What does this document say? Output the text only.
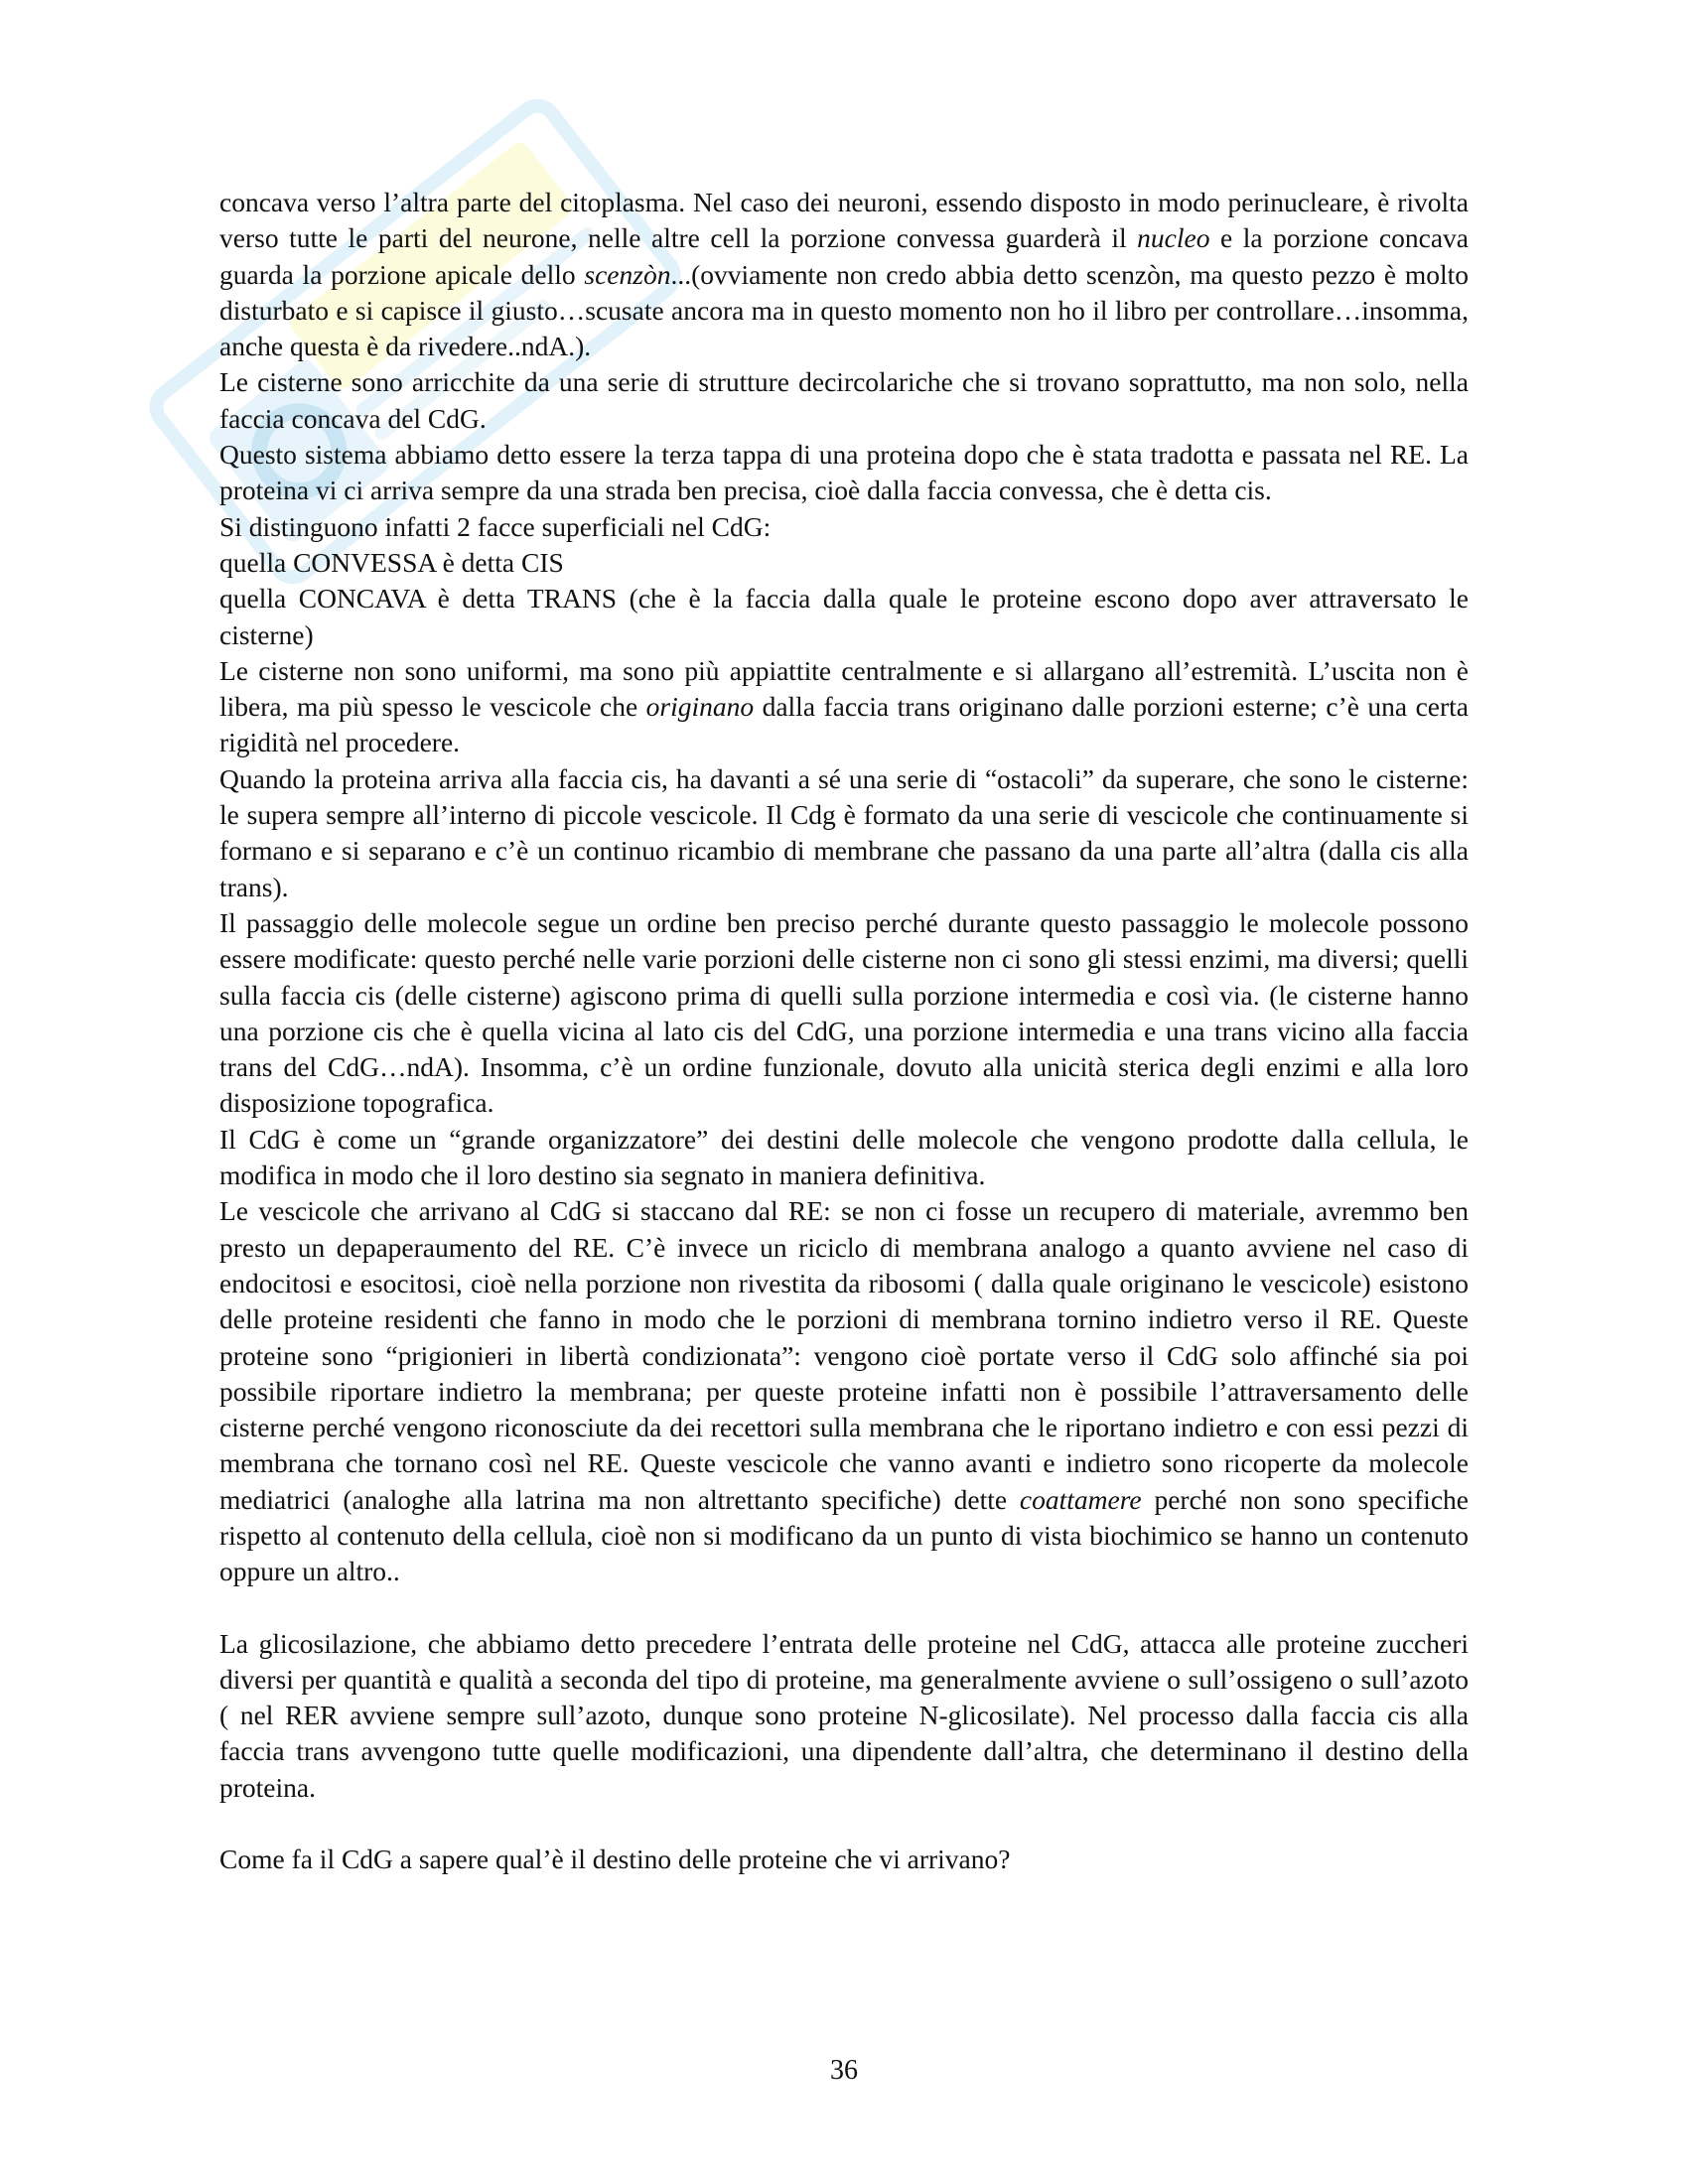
concava verso l’altra parte del citoplasma. Nel caso dei neuroni, essendo disposto in modo perinucleare, è rivolta verso tutte le parti del neurone, nelle altre cell la porzione convessa guarderà il nucleo e la porzione concava guarda la porzione apicale dello scenzòn...(ovviamente non credo abbia detto scenzòn, ma questo pezzo è molto disturbato e si capisce il giusto…scusate ancora ma in questo momento non ho il libro per controllare…insomma, anche questa è da rivedere..ndA.).

Le cisterne sono arricchite da una serie di strutture decircolariche che si trovano soprattutto, ma non solo, nella faccia concava del CdG.

Questo sistema abbiamo detto essere la terza tappa di una proteina dopo che è stata tradotta e passata nel RE. La proteina vi ci arriva sempre da una strada ben precisa, cioè dalla faccia convessa, che è detta cis.

Si distinguono infatti 2 facce superficiali nel CdG:

quella CONVESSA è detta CIS

quella CONCAVA è detta TRANS (che è la faccia dalla quale le proteine escono dopo aver attraversato le cisterne)

Le cisterne non sono uniformi, ma sono più appiattite centralmente e si allargano all’estremità. L’uscita non è libera, ma più spesso le vescicole che originano dalla faccia trans originano dalle porzioni esterne; c’è una certa rigidità nel procedere.

Quando la proteina arriva alla faccia cis, ha davanti a sé una serie di “ostacoli” da superare, che sono le cisterne: le supera sempre all’interno di piccole vescicole. Il Cdg è formato da una serie di vescicole che continuamente si formano e si separano e c’è un continuo ricambio di membrane che passano da una parte all’altra (dalla cis alla trans).

Il passaggio delle molecole segue un ordine ben preciso perché durante questo passaggio le molecole possono essere modificate: questo perché nelle varie porzioni delle cisterne non ci sono gli stessi enzimi, ma diversi; quelli sulla faccia cis (delle cisterne) agiscono prima di quelli sulla porzione intermedia e così via. (le cisterne hanno una porzione cis che è quella vicina al lato cis del CdG, una porzione intermedia e una trans vicino alla faccia trans del CdG…ndA). Insomma, c’è un ordine funzionale, dovuto alla unicità sterica degli enzimi e alla loro disposizione topografica.

Il CdG è come un “grande organizzatore” dei destini delle molecole che vengono prodotte dalla cellula, le modifica in modo che il loro destino sia segnato in maniera definitiva.

Le vescicole che arrivano al CdG si staccano dal RE: se non ci fosse un recupero di materiale, avremmo ben presto un depaperaumento del RE. C’è invece un riciclo di membrana analogo a quanto avviene nel caso di endocitosi e esocitosi, cioè nella porzione non rivestita da ribosomi ( dalla quale originano le vescicole) esistono delle proteine residenti che fanno in modo che le porzioni di membrana tornino indietro verso il RE. Queste proteine sono “prigionieri in libertà condizionata”: vengono cioè portate verso il CdG solo affinché sia poi possibile riportare indietro la membrana; per queste proteine infatti non è possibile l’attraversamento delle cisterne perché vengono riconosciute da dei recettori sulla membrana che le riportano indietro e con essi pezzi di membrana che tornano così nel RE. Queste vescicole che vanno avanti e indietro sono ricoperte da molecole mediatrici (analoghe alla latrina ma non altrettanto specifiche) dette coattamere perché non sono specifiche rispetto al contenuto della cellula, cioè non si modificano da un punto di vista biochimico se hanno un contenuto oppure un altro..

La glicosilazione, che abbiamo detto precedere l’entrata delle proteine nel CdG, attacca alle proteine zuccheri diversi per quantità e qualità a seconda del tipo di proteine, ma generalmente avviene o sull’ossigeno o sull’azoto ( nel RER avviene sempre sull’azoto, dunque sono proteine N-glicosilate). Nel processo dalla faccia cis alla faccia trans avvengono tutte quelle modificazioni, una dipendente dall’altra, che determinano il destino della proteina.

Come fa il CdG a sapere qual’è il destino delle proteine che vi arrivano?

36
